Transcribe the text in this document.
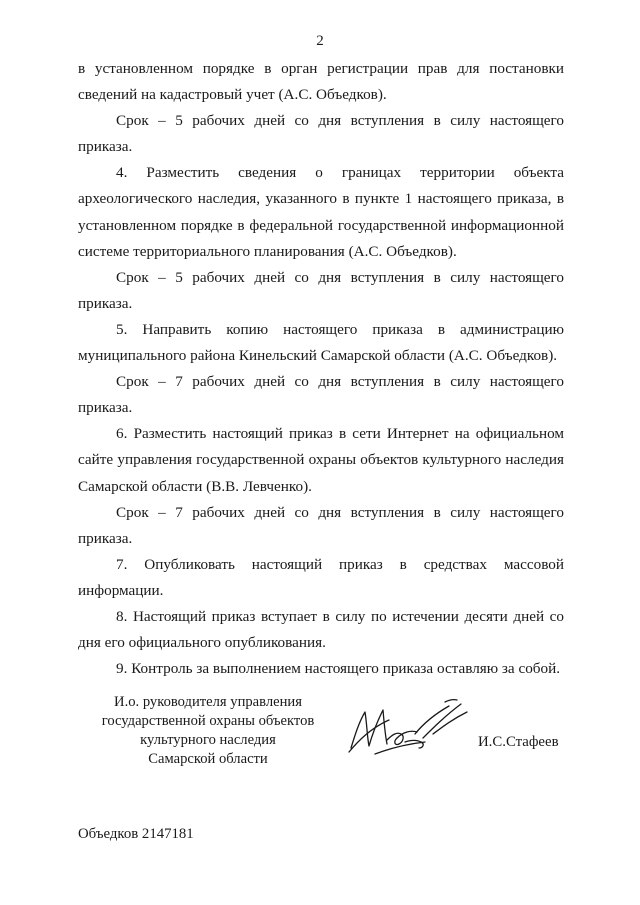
2

в установленном порядке в орган регистрации прав для постановки сведений на кадастровый учет (А.С. Объедков).

Срок – 5 рабочих дней со дня вступления в силу настоящего приказа.

4. Разместить сведения о границах территории объекта археологического наследия, указанного в пункте 1 настоящего приказа, в установленном порядке в федеральной государственной информационной системе территориального планирования (А.С. Объедков).

Срок – 5 рабочих дней со дня вступления в силу настоящего приказа.

5. Направить копию настоящего приказа в администрацию муниципального района Кинельский Самарской области (А.С. Объедков).

Срок – 7 рабочих дней со дня вступления в силу настоящего приказа.

6. Разместить настоящий приказ в сети Интернет на официальном сайте управления государственной охраны объектов культурного наследия Самарской области (В.В. Левченко).

Срок – 7 рабочих дней со дня вступления в силу настоящего приказа.

7. Опубликовать настоящий приказ в средствах массовой информации.

8. Настоящий приказ вступает в силу по истечении десяти дней со дня его официального опубликования.

9. Контроль за выполнением настоящего приказа оставляю за собой.

И.о. руководителя управления
государственной охраны объектов
культурного наследия
Самарской области
И.С.Стафеев
Объедков 2147181
